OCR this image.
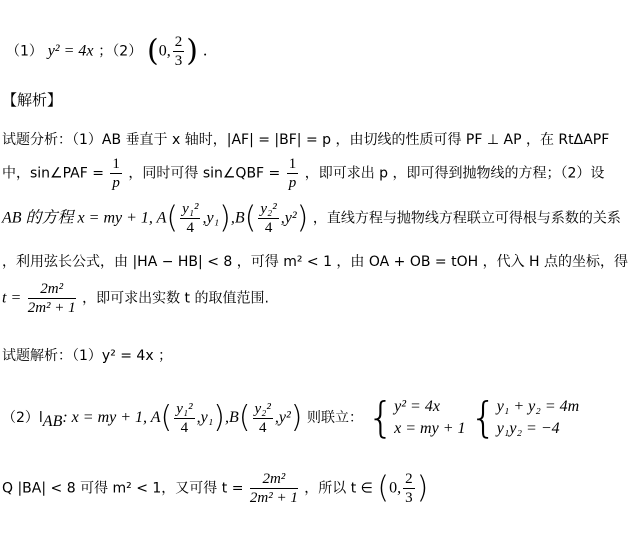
（1） y² = 4x ；（2） (0, $\frac{2}{3}$ ) .
【解析】
试题分析：（1）AB 垂直于 x 轴时，|AF| = |BF| = p ，由切线的性质可得 PF ⊥ AP ，在 RtΔAPF
中，sin∠PAF = $\frac{1}{p}$ ，同时可得 sin∠QBF = $\frac{1}{p}$ ，即可求出 p ，即可得到抛物线的方程；（2）设
AB 的方程 x = my + 1, $A( \frac{\text{y₁²}}{4} ,y_1),B( \frac{\text{y₂²}}{4} ,y^2)$ ，直线方程与抛物线方程联立可得根与系数的关系
，利用弦长公式，由 |HA − HB| < 8 ，可得 m² < 1 ，由 OA + OB = tOH ，代入 H 点的坐标，得
$t = \frac{\text{2m²}}{\text{2m² + 1}}$ ，即可求出实数 t 的取值范围.
试题解析：（1）y² = 4x ；
$(2)l_{AB}$: x = my + 1, $A( \frac{\text{y₁²}}{4} ,y_1),B( \frac{\text{y₂²}}{4} ,y^2)$ 则联立： { y² = 4x
x = my + 1 { y₁ + y₂ = 4m
y₁y₂ = −4
Q |BA| < 8 可得 m² < 1，又可得 $t = \frac{\text{2m²}}{\text{2m² + 1}}$ ，所以 t ∈ (0, $\frac{2}{3}$ )
